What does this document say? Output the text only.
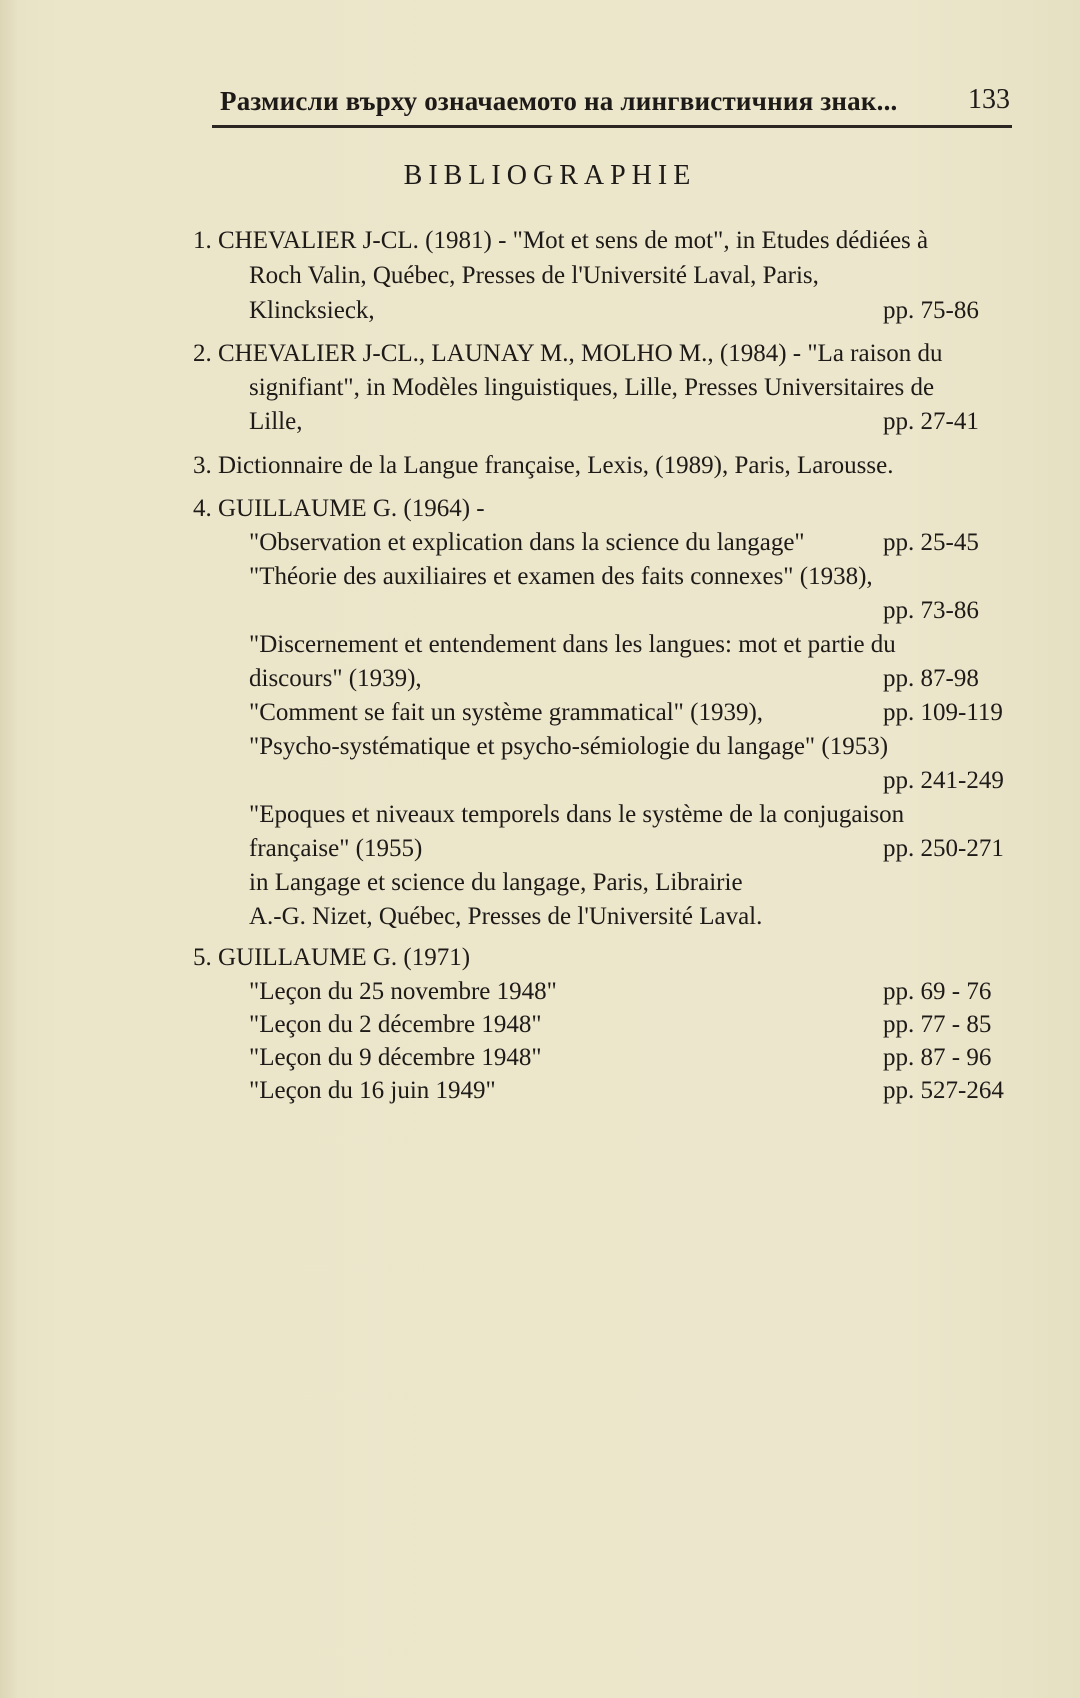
Размисли върху означаемото на лингвистичния знак...	133
BIBLIOGRAPHIE
1. CHEVALIER J-CL. (1981) - "Mot et sens de mot", in Etudes dédiées à
Roch Valin, Québec, Presses de l'Université Laval, Paris,
Klincksieck,	pp. 75-86
2. CHEVALIER J-CL., LAUNAY M., MOLHO M., (1984) - "La raison du
signifiant", in Modèles linguistiques, Lille, Presses Universitaires de
Lille,	pp. 27-41
3. Dictionnaire de la Langue française, Lexis, (1989), Paris, Larousse.
4. GUILLAUME G. (1964) -
"Observation et explication dans la science du langage"	pp. 25-45
"Théorie des auxiliaires et examen des faits connexes" (1938),
pp. 73-86
"Discernement et entendement dans les langues: mot et partie du
discours" (1939),	pp. 87-98
"Comment se fait un système grammatical" (1939),	pp. 109-119
"Psycho-systématique et psycho-sémiologie du langage" (1953)
pp. 241-249
"Epoques et niveaux temporels dans le système de la conjugaison
française" (1955)	pp. 250-271
in Langage et science du langage, Paris, Librairie
A.-G. Nizet, Québec, Presses de l'Université Laval.
5. GUILLAUME G. (1971)
"Leçon du 25 novembre 1948"	pp. 69 - 76
"Leçon du 2 décembre 1948"	pp. 77 - 85
"Leçon du 9 décembre 1948"	pp. 87 - 96
"Leçon du 16 juin 1949"	pp. 527-264
